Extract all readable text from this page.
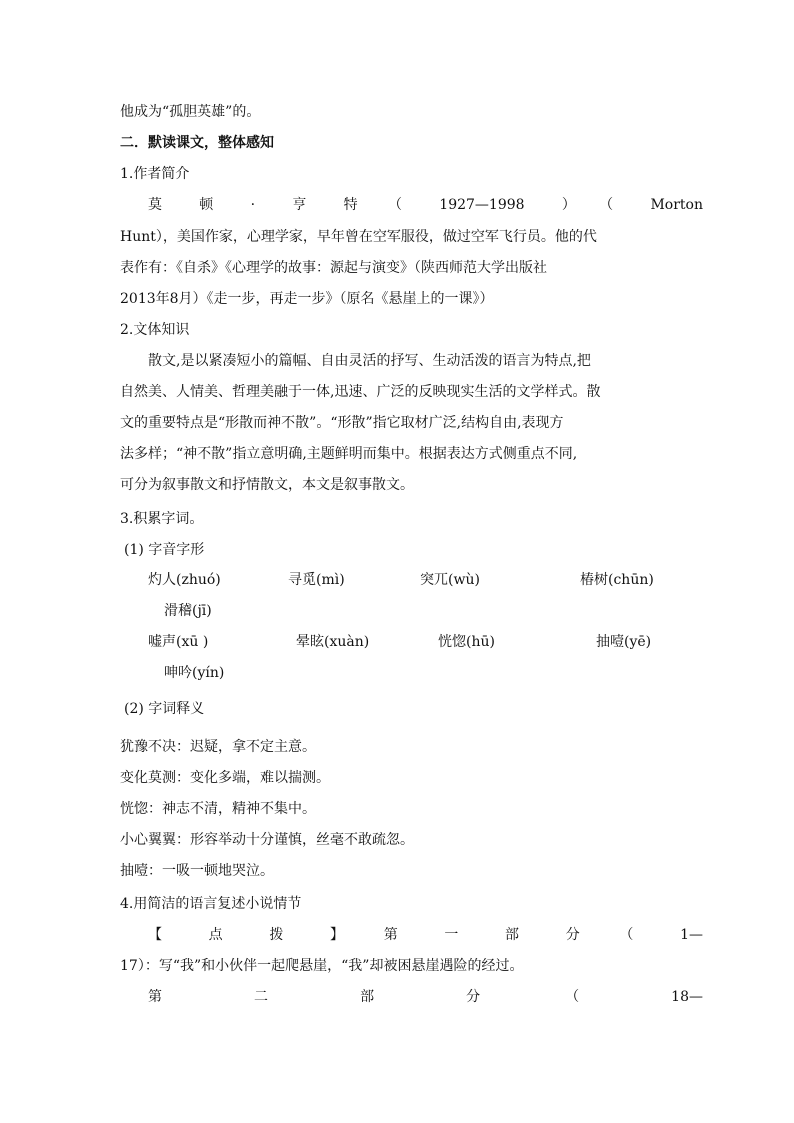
他成为“孤胆英雄”的。
二．默读课文，整体感知
1.作者简介
莫　顿　·　亨　特　（　1927—1998　）　（　Morton
Hunt），美国作家，心理学家，早年曾在空军服役，做过空军飞行员。他的代
表作有：《自杀》《心理学的故事：源起与演变》（陕西师范大学出版社
2013年8月）《走一步，再走一步》（原名《悬崖上的一课》）
2.文体知识
散文,是以紧凑短小的篇幅、自由灵活的抒写、生动活泼的语言为特点,把
自然美、人情美、哲理美融于一体,迅速、广泛的反映现实生活的文学样式。散
文的重要特点是“形散而神不散”。“形散”指它取材广泛,结构自由,表现方
法多样；“神不散”指立意明确,主题鲜明而集中。根据表达方式侧重点不同,
可分为叙事散文和抒情散文，本文是叙事散文。
3.积累字词。
(1) 字音字形
灼人(zhuó)	寻觅(mì)	突兀(wù)	椿树(chūn)
滑稽(jī)
嘘声(xū )	晕眩(xuàn)	恍惚(hū)	抽噎(yē)
呻吟(yín)
(2) 字词释义
犹豫不决：迟疑，拿不定主意。
变化莫测：变化多端，难以揣测。
恍惚：神志不清，精神不集中。
小心翼翼：形容举动十分谨慎，丝毫不敢疏忽。
抽噎：一吸一顿地哭泣。
4.用简洁的语言复述小说情节
【　点　拨　】　第　一　部　分　（　1—
17）：写“我”和小伙伴一起爬悬崖，“我”却被困悬崖遇险的经过。
第　二　部　分　（　18—
